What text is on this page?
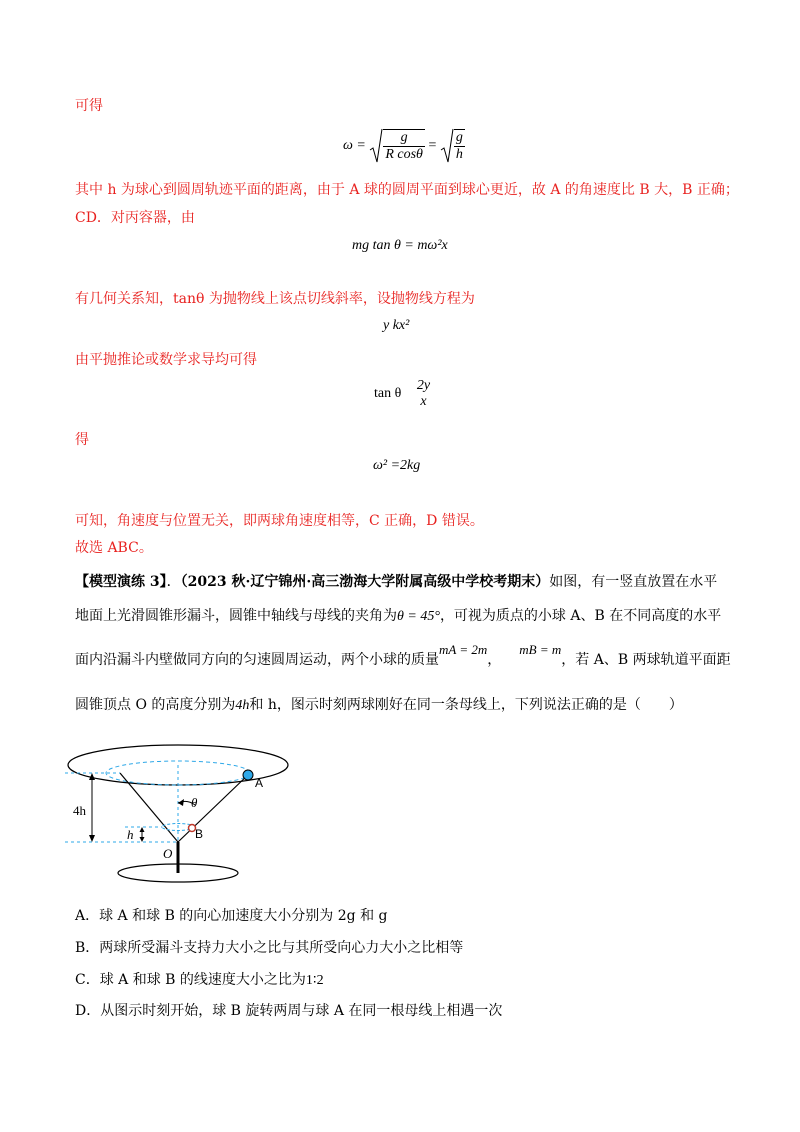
可得
$\omega = \frac{g}{\text{R cosθ}} = \frac{g}{h}$
其中 h 为球心到圆周轨迹平面的距离，由于 A 球的圆周平面到球心更近，故 A 的角速度比 B 大，B 正确；
CD．对丙容器，由
mg tan θ = mω²x
有几何关系知，tanθ 为抛物线上该点切线斜率，设抛物线方程为
y kx²
由平抛推论或数学求导均可得
tan θ
2y
x
得
ω² =2kg
可知，角速度与位置无关，即两球角速度相等，C 正确，D 错误。
故选 ABC。
【模型演练 3】．（2023 秋·辽宁锦州·高三渤海大学附属高级中学校考期末）如图，有一竖直放置在水平
地面上光滑圆锥形漏斗，圆锥中轴线与母线的夹角为θ = 45°，可视为质点的小球 A、B 在不同高度的水平
面内沿漏斗内壁做同方向的匀速圆周运动，两个小球的质量mA = 2m，mB = m，若 A、B 两球轨道平面距
圆锥顶点 O 的高度分别为4h和 h，图示时刻两球刚好在同一条母线上，下列说法正确的是（　　）
4h
h
θ
A
B
O
A．球 A 和球 B 的向心加速度大小分别为 2g 和 g
B．两球所受漏斗支持力大小之比与其所受向心力大小之比相等
C．球 A 和球 B 的线速度大小之比为1∶2
D．从图示时刻开始，球 B 旋转两周与球 A 在同一根母线上相遇一次
